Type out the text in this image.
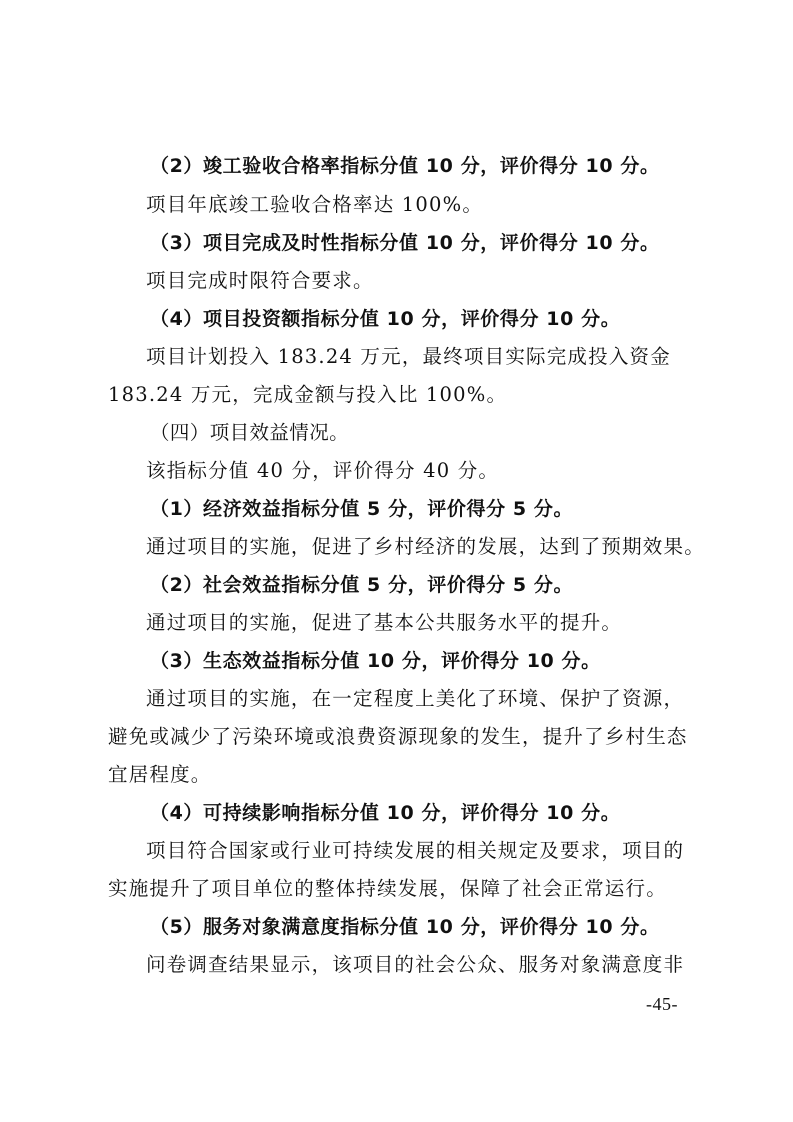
（2）竣工验收合格率指标分值 10 分，评价得分 10 分。
项目年底竣工验收合格率达 100%。
（3）项目完成及时性指标分值 10 分，评价得分 10 分。
项目完成时限符合要求。
（4）项目投资额指标分值 10 分，评价得分 10 分。
项目计划投入 183.24 万元，最终项目实际完成投入资金
183.24 万元，完成金额与投入比 100%。
（四）项目效益情况。
该指标分值 40 分，评价得分 40 分。
（1）经济效益指标分值 5 分，评价得分 5 分。
通过项目的实施，促进了乡村经济的发展，达到了预期效果。
（2）社会效益指标分值 5 分，评价得分 5 分。
通过项目的实施，促进了基本公共服务水平的提升。
（3）生态效益指标分值 10 分，评价得分 10 分。
通过项目的实施，在一定程度上美化了环境、保护了资源，
避免或减少了污染环境或浪费资源现象的发生，提升了乡村生态
宜居程度。
（4）可持续影响指标分值 10 分，评价得分 10 分。
项目符合国家或行业可持续发展的相关规定及要求，项目的
实施提升了项目单位的整体持续发展，保障了社会正常运行。
（5）服务对象满意度指标分值 10 分，评价得分 10 分。
问卷调查结果显示，该项目的社会公众、服务对象满意度非
-45-
